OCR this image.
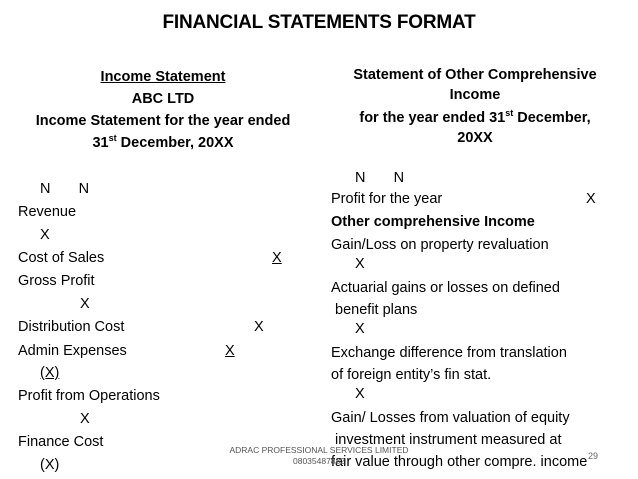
FINANCIAL STATEMENTS FORMAT
Income Statement
ABC LTD
Income Statement for the year ended
31st December, 20XX
N       N
Revenue
X
Cost of Sales	X
Gross Profit
X
Distribution Cost	X
Admin Expenses	X
(X)
Profit from Operations
X
Finance Cost
(X)
Statement of Other Comprehensive
Income
for the year ended 31st December,
20XX
N       N
Profit for the year	X
Other comprehensive Income
Gain/Loss on property revaluation
X
Actuarial gains or losses on defined
benefit plans
X
Exchange difference from translation
of foreign entity’s fin stat.
X
Gain/ Losses from valuation of equity
investment instrument measured at
fair value through other compre. income
ADRAC PROFESSIONAL SERVICES LIMITED
08035487882	29
